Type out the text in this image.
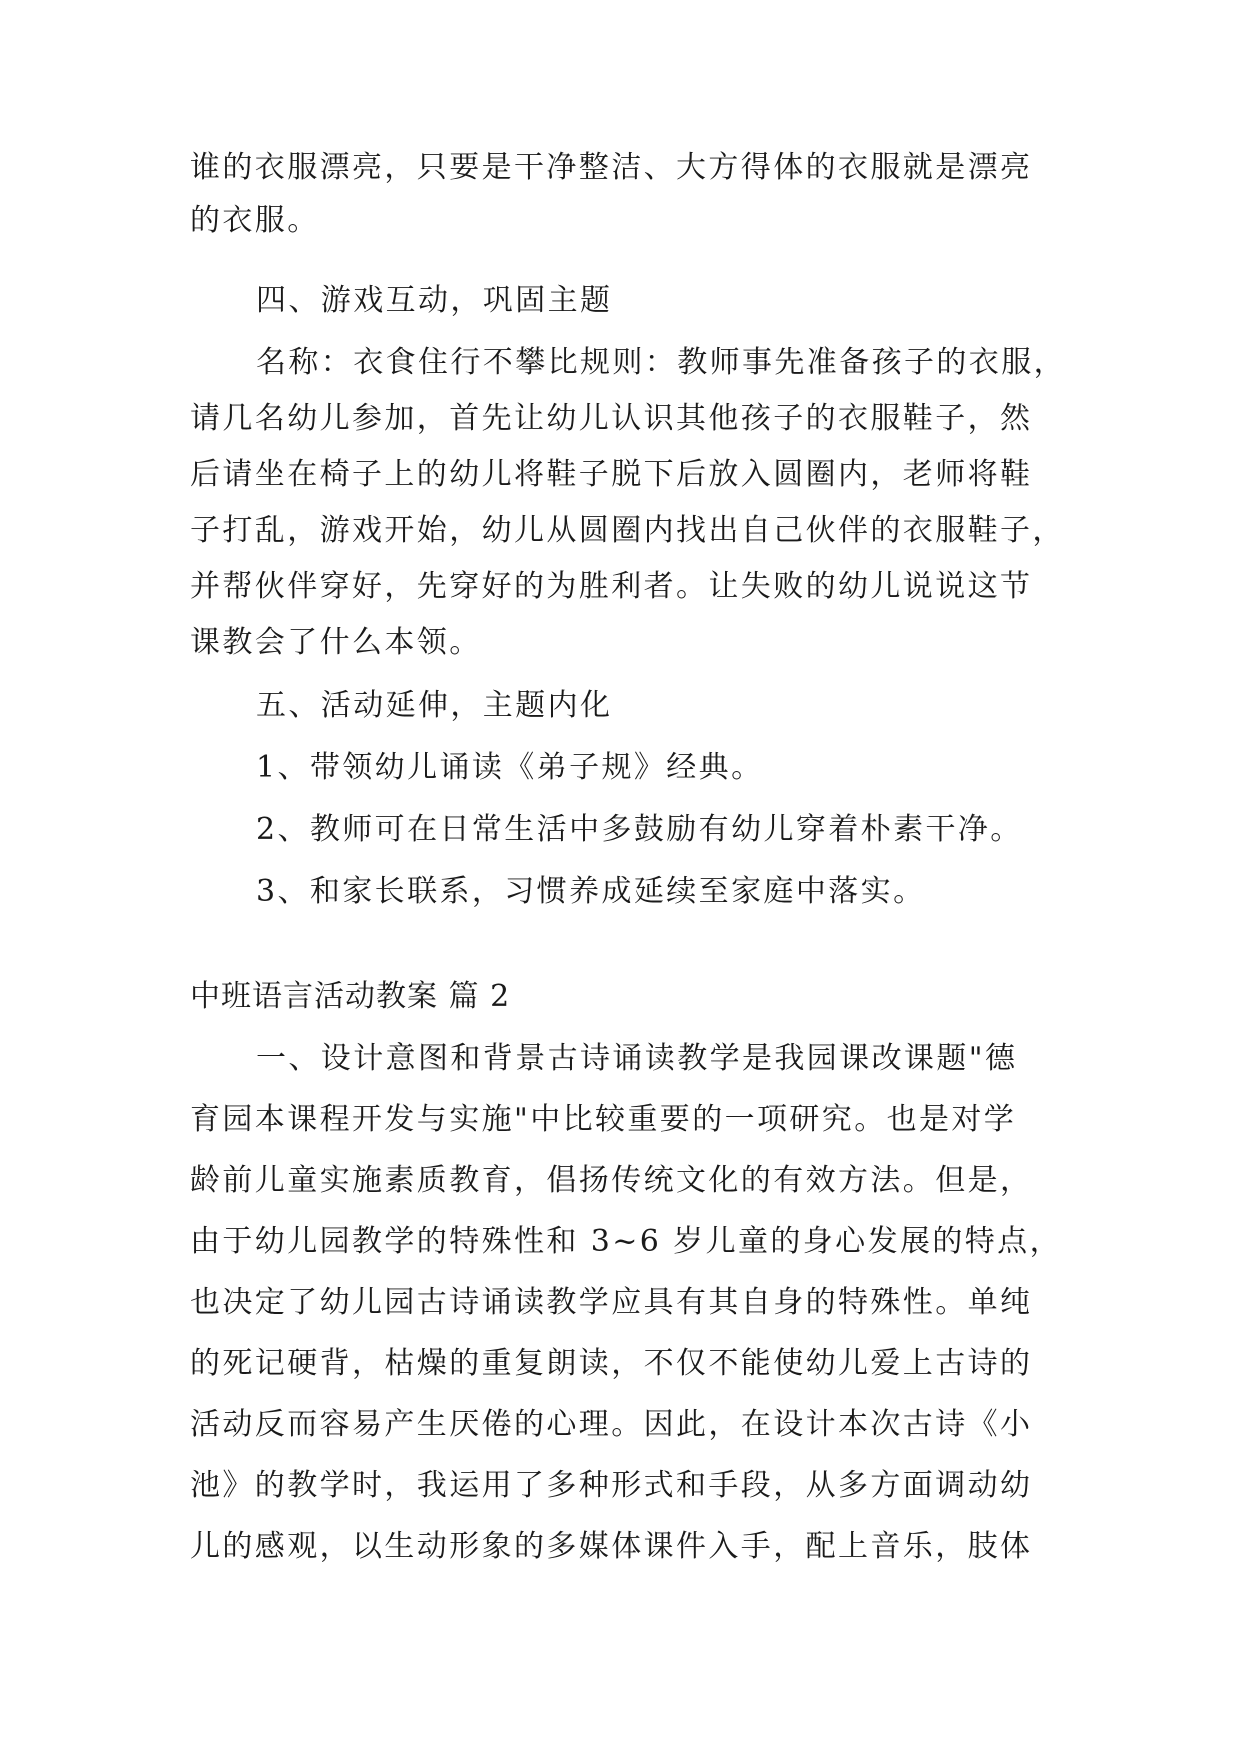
谁的衣服漂亮，只要是干净整洁、大方得体的衣服就是漂亮
的衣服。
四、游戏互动，巩固主题
名称：衣食住行不攀比规则：教师事先准备孩子的衣服，
请几名幼儿参加，首先让幼儿认识其他孩子的衣服鞋子，然
后请坐在椅子上的幼儿将鞋子脱下后放入圆圈内，老师将鞋
子打乱，游戏开始，幼儿从圆圈内找出自己伙伴的衣服鞋子，
并帮伙伴穿好，先穿好的为胜利者。让失败的幼儿说说这节
课教会了什么本领。
五、活动延伸，主题内化
1、带领幼儿诵读《弟子规》经典。
2、教师可在日常生活中多鼓励有幼儿穿着朴素干净。
3、和家长联系，习惯养成延续至家庭中落实。
中班语言活动教案 篇 2
一、设计意图和背景古诗诵读教学是我园课改课题"德
育园本课程开发与实施"中比较重要的一项研究。也是对学
龄前儿童实施素质教育，倡扬传统文化的有效方法。但是，
由于幼儿园教学的特殊性和 3~6 岁儿童的身心发展的特点，
也决定了幼儿园古诗诵读教学应具有其自身的特殊性。单纯
的死记硬背，枯燥的重复朗读，不仅不能使幼儿爱上古诗的
活动反而容易产生厌倦的心理。因此，在设计本次古诗《小
池》的教学时，我运用了多种形式和手段，从多方面调动幼
儿的感观，以生动形象的多媒体课件入手，配上音乐，肢体
